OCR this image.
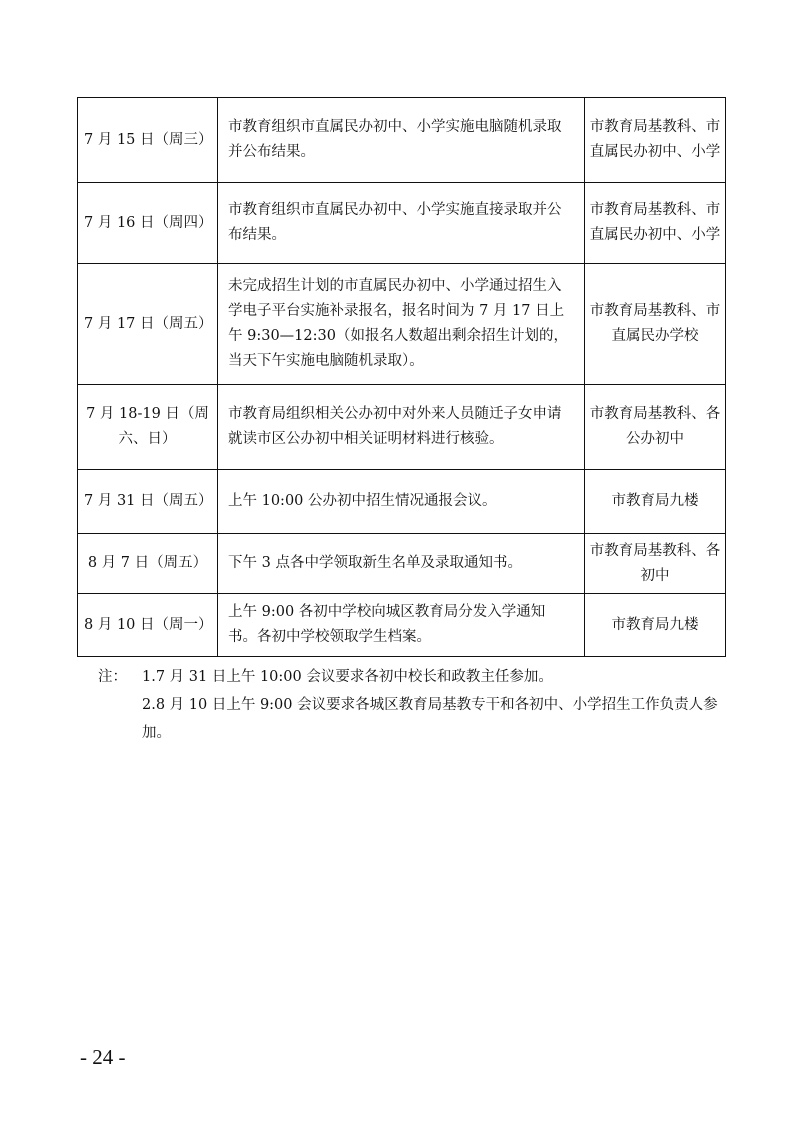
7 月 15 日（周三）	市教育组织市直属民办初中、小学实施电脑随机录取并公布结果。	市教育局基教科、市直属民办初中、小学
7 月 16 日（周四）	市教育组织市直属民办初中、小学实施直接录取并公布结果。	市教育局基教科、市直属民办初中、小学
7 月 17 日（周五）	未完成招生计划的市直属民办初中、小学通过招生入学电子平台实施补录报名，报名时间为 7 月 17 日上午 9:30—12:30（如报名人数超出剩余招生计划的，当天下午实施电脑随机录取）。	市教育局基教科、市直属民办学校
7 月 18-19 日（周六、日）	市教育局组织相关公办初中对外来人员随迁子女申请就读市区公办初中相关证明材料进行核验。	市教育局基教科、各公办初中
7 月 31 日（周五）	上午 10:00 公办初中招生情况通报会议。	市教育局九楼
8 月 7 日（周五）	下午 3 点各中学领取新生名单及录取通知书。	市教育局基教科、各初中
8 月 10 日（周一）	上午 9:00 各初中学校向城区教育局分发入学通知书。各初中学校领取学生档案。	市教育局九楼
注：	1.7 月 31 日上午 10:00 会议要求各初中校长和政教主任参加。
2.8 月 10 日上午 9:00 会议要求各城区教育局基教专干和各初中、小学招生工作负责人参加。
- 24 -
